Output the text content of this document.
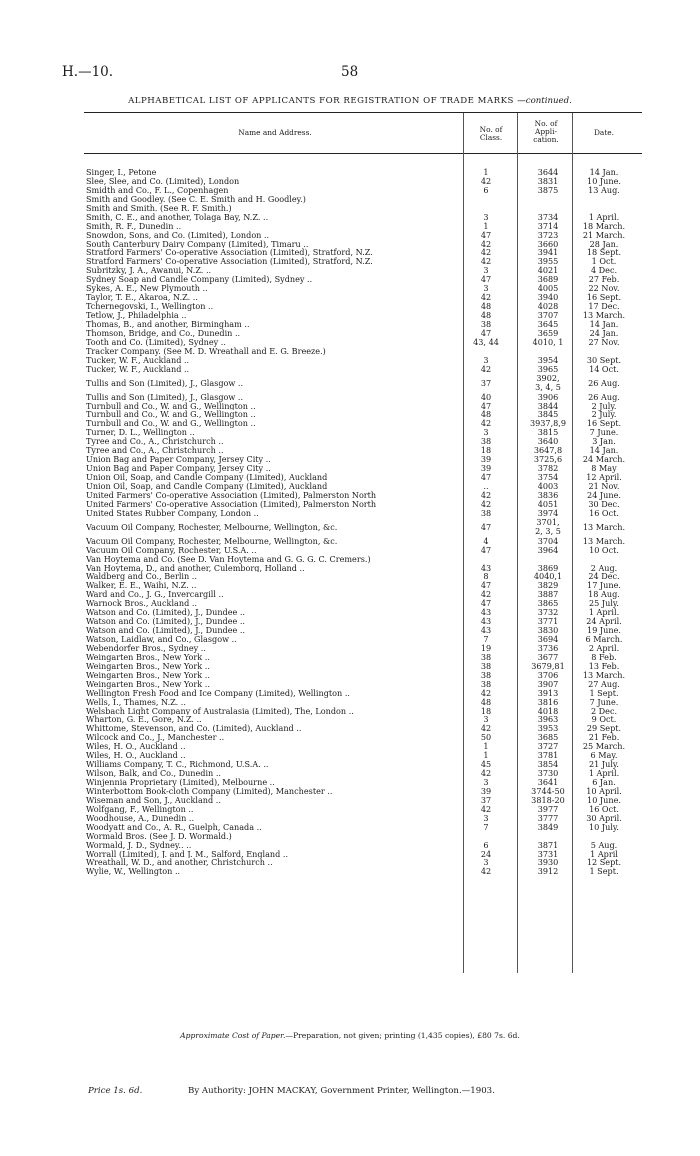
H.—10.	58
ALPHABETICAL LIST OF APPLICANTS FOR REGISTRATION OF TRADE MARKS —continued.
Name and Address.	No. of
Class.
No. of
Appli-
cation.
Date.
Singer, I., Petone	1	3644	14 Jan.
Slee, Slee, and Co. (Limited), London	42	3831	10 June.
Smidth and Co., F. L., Copenhagen	6	3875	13 Aug.
Smith and Goodley. (See C. E. Smith and H. Goodley.)
Smith and Smith. (See R. F. Smith.)
Smith, C. E., and another, Tolaga Bay, N.Z. ..	3	3734	1 April.
Smith, R. F., Dunedin ..	1	3714	18 March.
Snowdon, Sons, and Co. (Limited), London ..	47	3723	21 March.
South Canterbury Dairy Company (Limited), Timaru ..	42	3660	28 Jan.
Stratford Farmers' Co-operative Association (Limited), Stratford, N.Z.	42	3941	18 Sept.
Stratford Farmers' Co-operative Association (Limited), Stratford, N.Z.	42	3955	1 Oct.
Subritzky, J. A., Awanui, N.Z. ..	3	4021	4 Dec.
Sydney Soap and Candle Company (Limited), Sydney ..	47	3689	27 Feb.
Sykes, A. E., New Plymouth ..	3	4005	22 Nov.
Taylor, T. E., Akaroa, N.Z. ..	42	3940	16 Sept.
Tchernegovski, I., Wellington ..	48	4028	17 Dec.
Tetlow, J., Philadelphia ..	48	3707	13 March.
Thomas, B., and another, Birmingham ..	38	3645	14 Jan.
Thomson, Bridge, and Co., Dunedin ..	47	3659	24 Jan.
Tooth and Co. (Limited), Sydney ..	43, 44	4010, 1	27 Nov.
Tracker Company. (See M. D. Wreathall and E. G. Breeze.)
Tucker, W. F., Auckland ..	3	3954	30 Sept.
Tucker, W. F., Auckland ..	42	3965	14 Oct.
Tullis and Son (Limited), J., Glasgow ..	37	3902,
3, 4, 5	26 Aug.
Tullis and Son (Limited), J., Glasgow ..	40	3906	26 Aug.
Turnbull and Co., W. and G., Wellington ..	47	3844	2 July.
Turnbull and Co., W. and G., Wellington ..	48	3845	2 July.
Turnbull and Co., W. and G., Wellington ..	42	3937,8,9	16 Sept.
Turner, D. L., Wellington ..	3	3815	7 June.
Tyree and Co., A., Christchurch ..	38	3640	3 Jan.
Tyree and Co., A., Christchurch ..	18	3647,8	14 Jan.
Union Bag and Paper Company, Jersey City ..	39	3725,6	24 March.
Union Bag and Paper Company, Jersey City ..	39	3782	8 May
Union Oil, Soap, and Candle Company (Limited), Auckland	47	3754	12 April.
Union Oil, Soap, and Candle Company (Limited), Auckland	..	4003	21 Nov.
United Farmers' Co-operative Association (Limited), Palmerston North	42	3836	24 June.
United Farmers' Co-operative Association (Limited), Palmerston North	42	4051	30 Dec.
United States Rubber Company, London ..	38	3974	16 Oct.
Vacuum Oil Company, Rochester, Melbourne, Wellington, &c.	47	3701,
2, 3, 5	13 March.
Vacuum Oil Company, Rochester, Melbourne, Wellington, &c.	4	3704	13 March.
Vacuum Oil Company, Rochester, U.S.A. ..	47	3964	10 Oct.
Van Hoytema and Co. (See D. Van Hoytema and G. G. G. C. Cremers.)
Van Hoytema, D., and another, Culemborg, Holland ..	43	3869	2 Aug.
Waldberg and Co., Berlin ..	8	4040,1	24 Dec.
Walker, E. E., Waihi, N.Z. ..	47	3829	17 June.
Ward and Co., J. G., Invercargill ..	42	3887	18 Aug.
Warnock Bros., Auckland ..	47	3865	25 July.
Watson and Co. (Limited), J., Dundee ..	43	3732	1 April.
Watson and Co. (Limited), J., Dundee ..	43	3771	24 April.
Watson and Co. (Limited), J., Dundee ..	43	3830	19 June.
Watson, Laidlaw, and Co., Glasgow ..	7	3694	6 March.
Webendorfer Bros., Sydney ..	19	3736	2 April.
Weingarten Bros., New York ..	38	3677	8 Feb.
Weingarten Bros., New York ..	38	3679,81	13 Feb.
Weingarten Bros., New York ..	38	3706	13 March.
Weingarten Bros., New York ..	38	3907	27 Aug.
Wellington Fresh Food and Ice Company (Limited), Wellington ..	42	3913	1 Sept.
Wells, I., Thames, N.Z. ..	48	3816	7 June.
Welsbach Light Company of Australasia (Limited), The, London ..	18	4018	2 Dec.
Wharton, G. E., Gore, N.Z. ..	3	3963	9 Oct.
Whittome, Stevenson, and Co. (Limited), Auckland ..	42	3953	29 Sept.
Wilcock and Co., J., Manchester ..	50	3685	21 Feb.
Wiles, H. O., Auckland ..	1	3727	25 March.
Wiles, H. O., Auckland ..	1	3781	6 May.
Williams Company, T. C., Richmond, U.S.A. ..	45	3854	21 July.
Wilson, Balk, and Co., Dunedin ..	42	3730	1 April.
Winjennia Proprietary (Limited), Melbourne ..	3	3641	6 Jan.
Winterbottom Book-cloth Company (Limited), Manchester ..	39	3744-50	10 April.
Wiseman and Son, J., Auckland ..	37	3818-20	10 June.
Wolfgang, F., Wellington ..	42	3977	16 Oct.
Woodhouse, A., Dunedin ..	3	3777	30 April.
Woodyatt and Co., A. R., Guelph, Canada ..	7	3849	10 July.
Wormald Bros. (See J. D. Wormald.)
Wormald, J. D., Sydney.. ..	6	3871	5 Aug.
Worrall (Limited), J. and J. M., Salford, England ..	24	3731	1 April
Wreathall, W. D., and another, Christchurch ..	3	3930	12 Sept.
Wylie, W., Wellington ..	42	3912	1 Sept.
Approximate Cost of Paper.—Preparation, not given; printing (1,435 copies), £80 7s. 6d.
Price 1s. 6d.	By Authority: JOHN MACKAY, Government Printer, Wellington.—1903.
